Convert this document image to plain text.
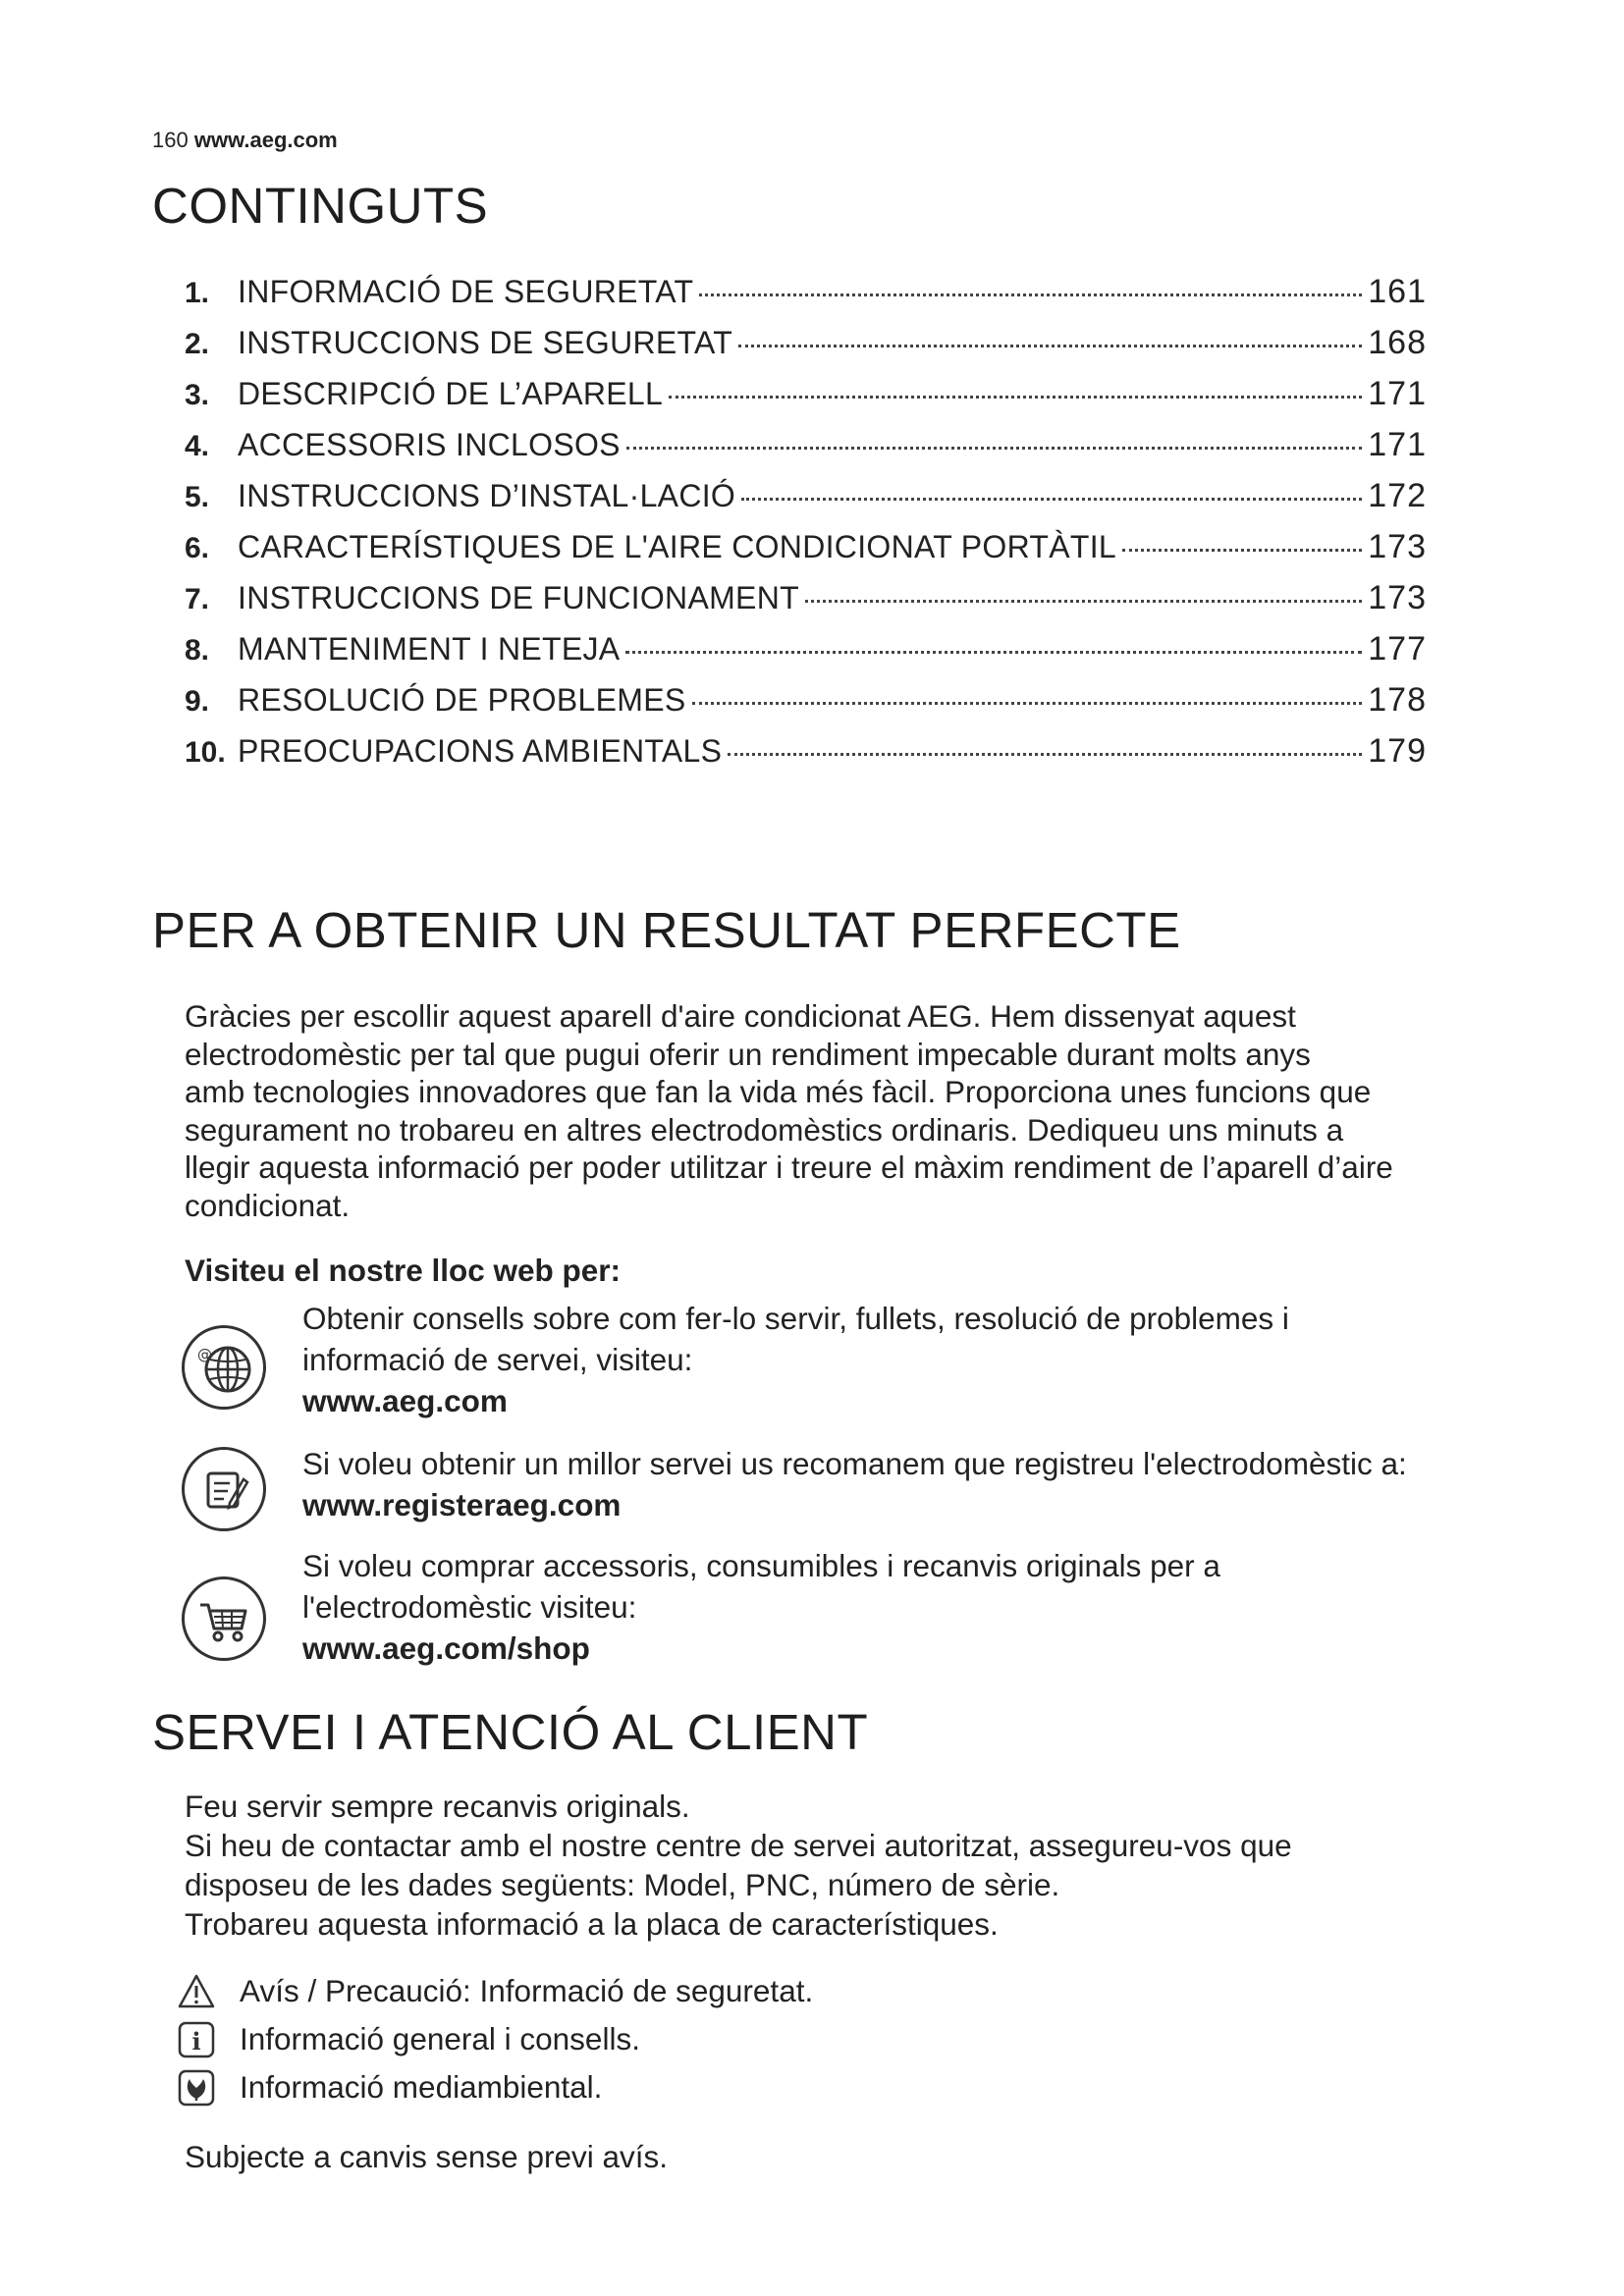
160 www.aeg.com
CONTINGUTS
1. INFORMACIÓ DE SEGURETAT	161
2. INSTRUCCIONS DE SEGURETAT	168
3. DESCRIPCIÓ DE L’APARELL	171
4. ACCESSORIS INCLOSOS	171
5. INSTRUCCIONS D’INSTAL·LACIÓ	172
6. CARACTERÍSTIQUES DE L'AIRE CONDICIONAT PORTÀTIL	173
7. INSTRUCCIONS DE FUNCIONAMENT	173
8. MANTENIMENT I NETEJA	177
9. RESOLUCIÓ DE PROBLEMES	178
10. PREOCUPACIONS AMBIENTALS	179
PER A OBTENIR UN RESULTAT PERFECTE
Gràcies per escollir aquest aparell d'aire condicionat AEG. Hem dissenyat aquest
electrodomèstic per tal que pugui oferir un rendiment impecable durant molts anys
amb tecnologies innovadores que fan la vida més fàcil. Proporciona unes funcions que
segurament no trobareu en altres electrodomèstics ordinaris. Dediqueu uns minuts a
llegir aquesta informació per poder utilitzar i treure el màxim rendiment de l’aparell d’aire
condicionat.
Visiteu el nostre lloc web per:
@
Obtenir consells sobre com fer-lo servir, fullets, resolució de problemes i
informació de servei, visiteu:
www.aeg.com
Si voleu obtenir un millor servei us recomanem que registreu l'electrodomèstic a:
www.registeraeg.com
Si voleu comprar accessoris, consumibles i recanvis originals per a
l'electrodomèstic visiteu:
www.aeg.com/shop
SERVEI I ATENCIÓ AL CLIENT
Feu servir sempre recanvis originals.
Si heu de contactar amb el nostre centre de servei autoritzat, assegureu-vos que
disposeu de les dades següents: Model, PNC, número de sèrie.
Trobareu aquesta informació a la placa de característiques.
Avís / Precaució: Informació de seguretat.
i Informació general i consells.
Informació mediambiental.
Subjecte a canvis sense previ avís.
